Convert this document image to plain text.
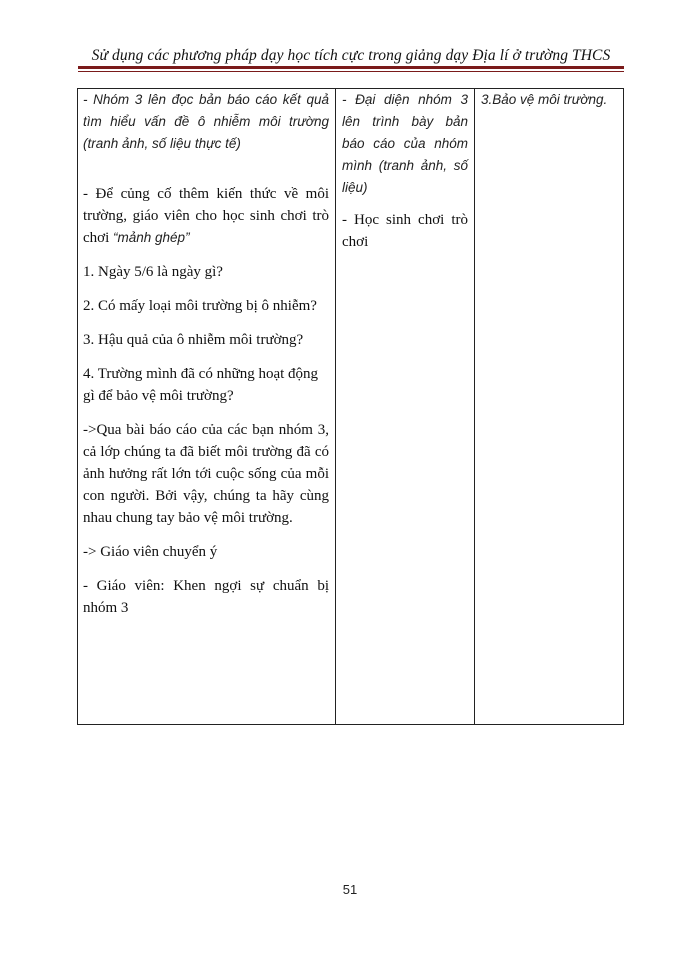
Sử dụng các phương pháp dạy học tích cực trong giảng dạy Địa lí ở trường THCS

- Nhóm 3 lên đọc bản báo cáo kết quả tìm hiểu vấn đề ô nhiễm môi trường (tranh ảnh, số liệu thực tế)

- Để củng cố thêm kiến thức về môi trường, giáo viên cho học sinh chơi trò chơi “mảnh ghép”

1. Ngày 5/6 là ngày gì?

2. Có mấy loại môi trường bị ô nhiễm?

3. Hậu quả của ô nhiễm môi trường?

4. Trường mình đã có những hoạt động gì để bảo vệ môi trường?

->Qua bài báo cáo của các bạn nhóm 3, cả lớp chúng ta đã biết môi trường đã có ảnh hưởng rất lớn tới cuộc sống của mỗi con người. Bởi vậy, chúng ta hãy cùng nhau chung tay bảo vệ môi trường.

-> Giáo viên chuyển ý

- Giáo viên: Khen ngợi sự chuẩn bị nhóm 3

- Đại diện nhóm 3 lên trình bày bản báo cáo của nhóm mình (tranh ảnh, số liệu)

- Học sinh chơi trò chơi

3.Bảo vệ môi trường.

51
